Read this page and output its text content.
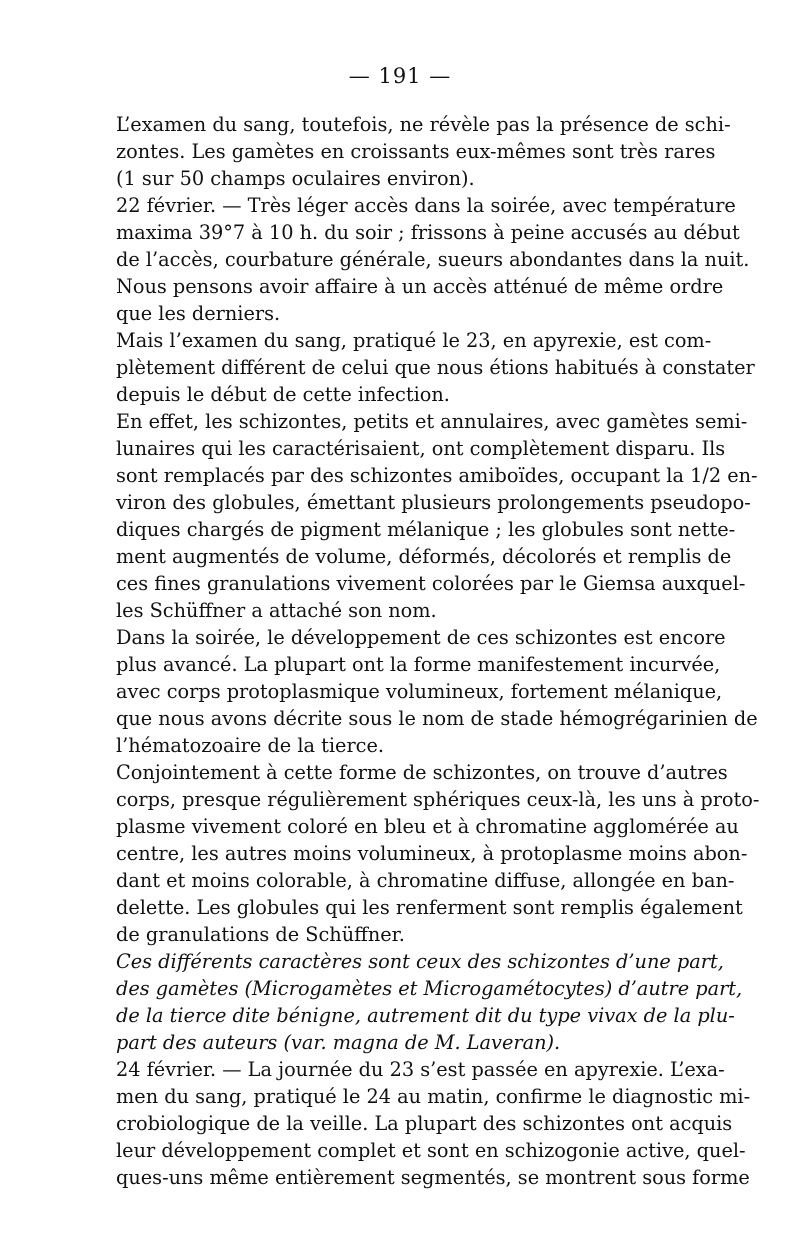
— 191 —

L’examen du sang, toutefois, ne révèle pas la présence de schi-
zontes. Les gamètes en croissants eux-mêmes sont très rares
(1 sur 50 champs oculaires environ).

22 février. — Très léger accès dans la soirée, avec température
maxima 39°7 à 10 h. du soir ; frissons à peine accusés au début
de l’accès, courbature générale, sueurs abondantes dans la nuit.

Nous pensons avoir affaire à un accès atténué de même ordre
que les derniers.

Mais l’examen du sang, pratiqué le 23, en apyrexie, est com-
plètement différent de celui que nous étions habitués à constater
depuis le début de cette infection.

En effet, les schizontes, petits et annulaires, avec gamètes semi-
lunaires qui les caractérisaient, ont complètement disparu. Ils
sont remplacés par des schizontes amiboïdes, occupant la 1/2 en-
viron des globules, émettant plusieurs prolongements pseudopo-
diques chargés de pigment mélanique ; les globules sont nette-
ment augmentés de volume, déformés, décolorés et remplis de
ces fines granulations vivement colorées par le Giemsa auxquel-
les Schüffner a attaché son nom.

Dans la soirée, le développement de ces schizontes est encore
plus avancé. La plupart ont la forme manifestement incurvée,
avec corps protoplasmique volumineux, fortement mélanique,
que nous avons décrite sous le nom de stade hémogrégarinien de
l’hématozoaire de la tierce.

Conjointement à cette forme de schizontes, on trouve d’autres
corps, presque régulièrement sphériques ceux-là, les uns à proto-
plasme vivement coloré en bleu et à chromatine agglomérée au
centre, les autres moins volumineux, à protoplasme moins abon-
dant et moins colorable, à chromatine diffuse, allongée en ban-
delette. Les globules qui les renferment sont remplis également
de granulations de Schüffner.

Ces différents caractères sont ceux des schizontes d’une part,
des gamètes (Microgamètes et Microgamétocytes) d’autre part,
de la tierce dite bénigne, autrement dit du type vivax de la plu-
part des auteurs (var. magna de M. Laveran).

24 février. — La journée du 23 s’est passée en apyrexie. L’exa-
men du sang, pratiqué le 24 au matin, confirme le diagnostic mi-
crobiologique de la veille. La plupart des schizontes ont acquis
leur développement complet et sont en schizogonie active, quel-
ques-uns même entièrement segmentés, se montrent sous forme
